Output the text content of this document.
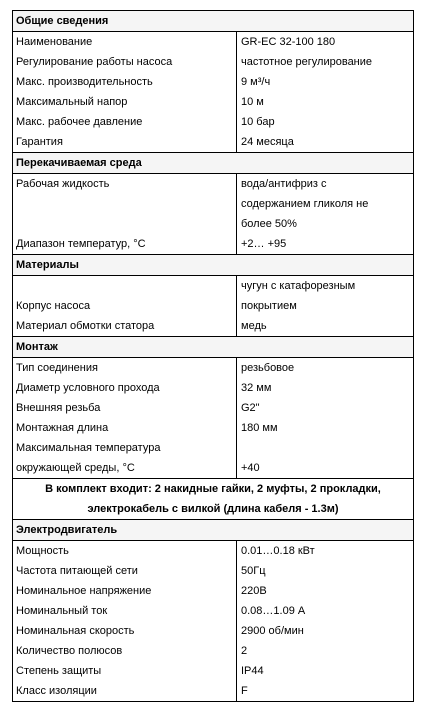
Общие сведения	
Наименование	GR-EC 32-100 180
Регулирование работы насоса	частотное регулирование
Макс. производительность	9 м³/ч
Максимальный напор	10 м
Макс. рабочее давление	10 бар
Гарантия	24 месяца
Перекачиваемая среда	
Рабочая жидкость	вода/антифриз с
	содержанием гликоля не
	более 50%
Диапазон температур, °С	+2… +95
Материалы	
	чугун с катафорезным
Корпус насоса	покрытием
Материал обмотки статора	медь
Монтаж	
Тип соединения	резьбовое
Диаметр условного прохода	32 мм
Внешняя резьба	G2"
Монтажная длина	180 мм
Максимальная температура	
окружающей среды, °С	+40
В комплект входит: 2 накидные гайки, 2 муфты, 2 прокладки, электрокабель с вилкой (длина кабеля - 1.3м)	
Электродвигатель	
Мощность	0.01…0.18 кВт
Частота питающей сети	50Гц
Номинальное напряжение	220В
Номинальный ток	0.08…1.09 А
Номинальная скорость	2900 об/мин
Количество полюсов	2
Степень защиты	IP44
Класс изоляции	F
